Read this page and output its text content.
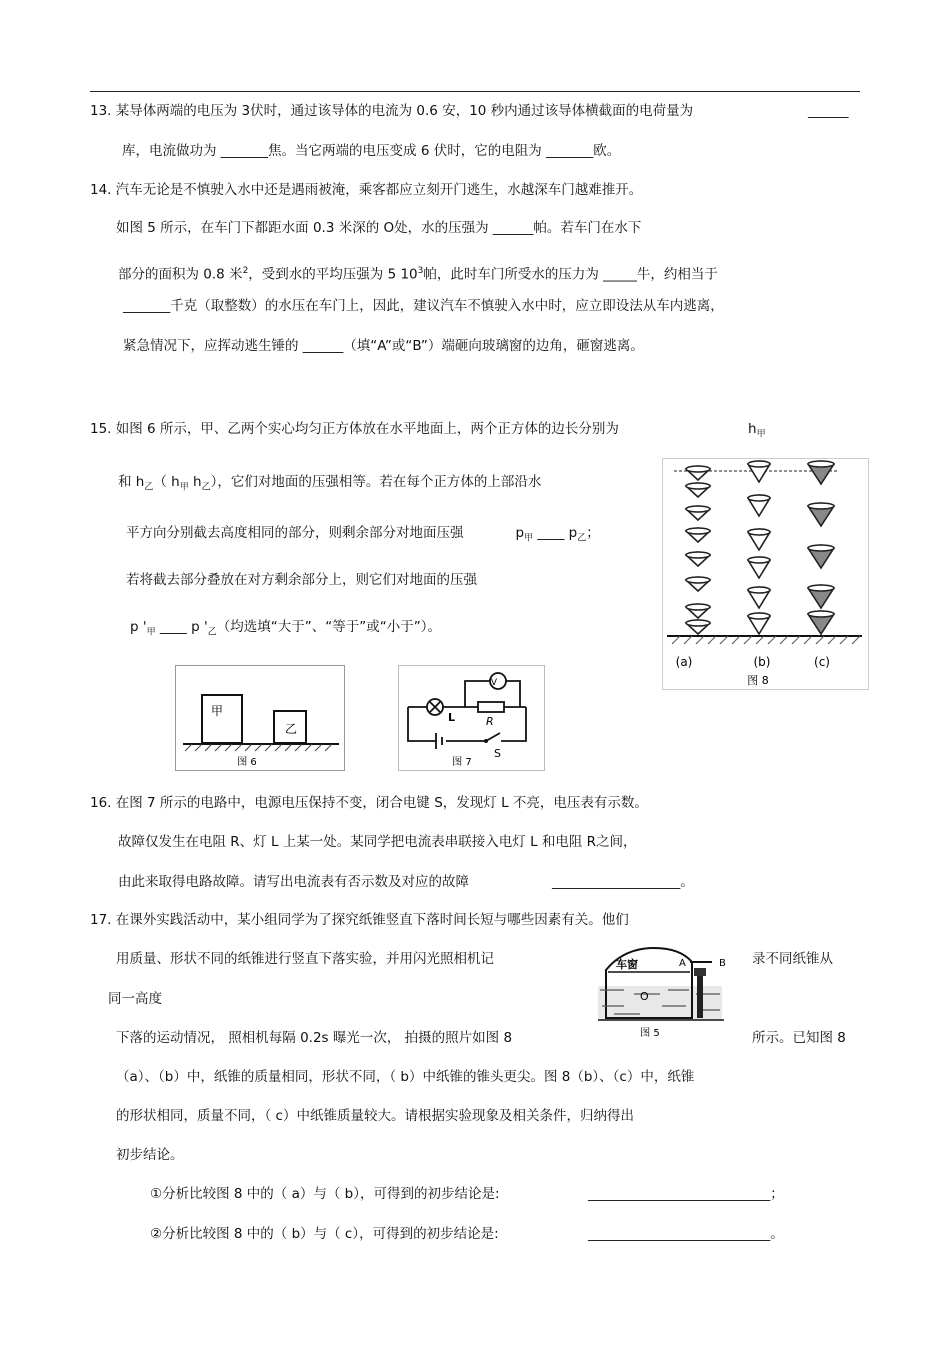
13. 某导体两端的电压为 3伏时，通过该导体的电流为 0.6 安，10 秒内通过该导体横截面的电荷量为	______
库，电流做功为 _______焦。当它两端的电压变成 6 伏时，它的电阻为 _______欧。
14. 汽车无论是不慎驶入水中还是遇雨被淹，乘客都应立刻开门逃生，水越深车门越难推开。
如图 5 所示，在车门下都距水面 0.3 米深的 O处，水的压强为 ______帕。若车门在水下
部分的面积为 0.8 米$^2$，受到水的平均压强为 5 $10^3$帕，此时车门所受水的压力为 _____牛，约相当于
_______千克（取整数）的水压在车门上，因此，建议汽车不慎驶入水中时，应立即设法从车内逃离，
紧急情况下，应挥动逃生锤的 ______（填“A”或“B”）端砸向玻璃窗的边角，砸窗逃离。
15. 如图 6 所示，甲、乙两个实心均匀正方体放在水平地面上，两个正方体的边长分别为	$h_甲$
和 $h_乙$（ $h_甲$ $h_乙$），它们对地面的压强相等。若在每个正方体的上部沿水
平方向分别截去高度相同的部分，则剩余部分对地面压强	$p_甲$ ____ $p_乙$；
若将截去部分叠放在对方剩余部分上，则它们对地面的压强
p '$_甲$ ____ p '$_乙$（均选填“大于”、“等于”或“小于”）。
(a)	(b)	(c)
图 8
甲
乙
图 6
V
L	R
S
图 7
16. 在图 7 所示的电路中，电源电压保持不变，闭合电键 S，发现灯 L 不亮，电压表有示数。
故障仅发生在电阻 R、灯 L 上某一处。某同学把电流表串联接入电灯 L 和电阻 R之间，
由此来取得电路故障。请写出电流表有否示数及对应的故障	___________________。
17. 在课外实践活动中，某小组同学为了探究纸锥竖直下落时间长短与哪些因素有关。他们
用质量、形状不同的纸锥进行竖直下落实验，并用闪光照相机记	录不同纸锥从
同一高度
下落的运动情况， 照相机每隔 0.2s 曝光一次， 拍摄的照片如图 8	所示。已知图 8
（a）、（b）中，纸锥的质量相同，形状不同，（ b）中纸锥的锥头更尖。图 8（b）、（c）中，纸锥
的形状相同，质量不同，（ c）中纸锥质量较大。请根据实验现象及相关条件，归纳得出
初步结论。
①分析比较图 8 中的（ a）与（ b），可得到的初步结论是:	___________________________；
②分析比较图 8 中的（ b）与（ c），可得到的初步结论是:	___________________________。
车窗	A	B
O
图 5
